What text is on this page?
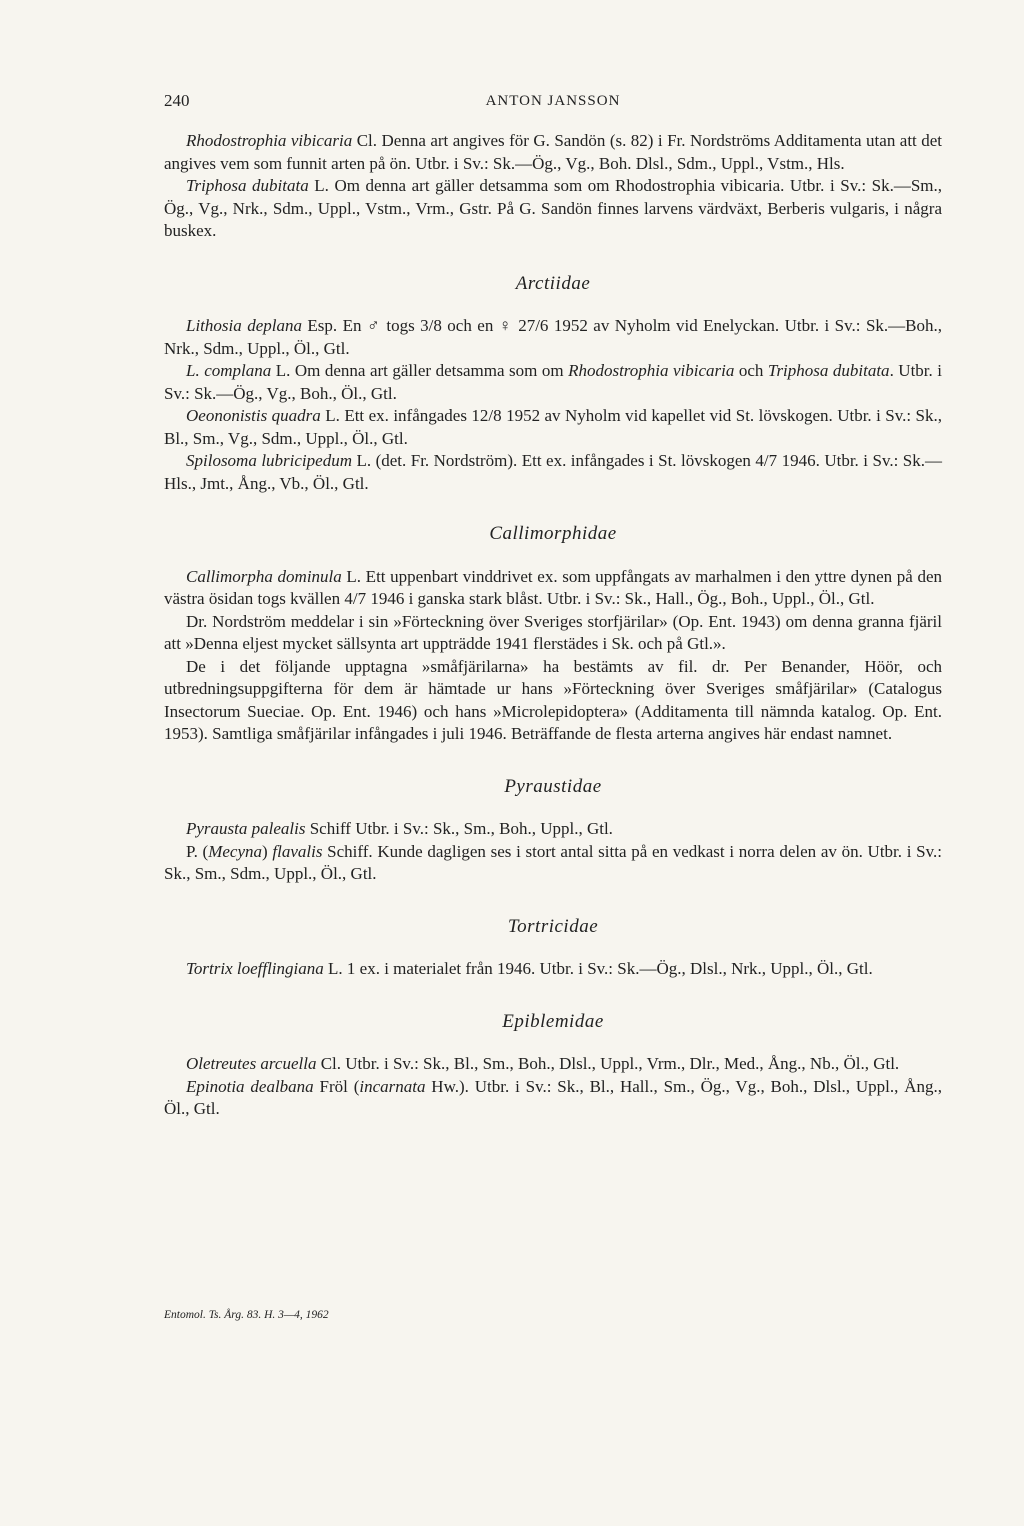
240	ANTON JANSSON

Rhodostrophia vibicaria Cl. Denna art angives för G. Sandön (s. 82) i Fr. Nordströms Additamenta utan att det angives vem som funnit arten på ön. Utbr. i Sv.: Sk.—Ög., Vg., Boh. Dlsl., Sdm., Uppl., Vstm., Hls.

Triphosa dubitata L. Om denna art gäller detsamma som om Rhodostrophia vibicaria. Utbr. i Sv.: Sk.—Sm., Ög., Vg., Nrk., Sdm., Uppl., Vstm., Vrm., Gstr. På G. Sandön finnes larvens värdväxt, Berberis vulgaris, i några buskex.

Arctiidae

Lithosia deplana Esp. En ♂ togs 3/8 och en ♀ 27/6 1952 av Nyholm vid Enelyckan. Utbr. i Sv.: Sk.—Boh., Nrk., Sdm., Uppl., Öl., Gtl.

L. complana L. Om denna art gäller detsamma som om Rhodostrophia vibicaria och Triphosa dubitata. Utbr. i Sv.: Sk.—Ög., Vg., Boh., Öl., Gtl.

Oeononistis quadra L. Ett ex. infångades 12/8 1952 av Nyholm vid kapellet vid St. lövskogen. Utbr. i Sv.: Sk., Bl., Sm., Vg., Sdm., Uppl., Öl., Gtl.

Spilosoma lubricipedum L. (det. Fr. Nordström). Ett ex. infångades i St. lövskogen 4/7 1946. Utbr. i Sv.: Sk.—Hls., Jmt., Ång., Vb., Öl., Gtl.

Callimorphidae

Callimorpha dominula L. Ett uppenbart vinddrivet ex. som uppfångats av marhalmen i den yttre dynen på den västra ösidan togs kvällen 4/7 1946 i ganska stark blåst. Utbr. i Sv.: Sk., Hall., Ög., Boh., Uppl., Öl., Gtl.

Dr. Nordström meddelar i sin »Förteckning över Sveriges storfjärilar» (Op. Ent. 1943) om denna granna fjäril att »Denna eljest mycket sällsynta art uppträdde 1941 flerstädes i Sk. och på Gtl.».

De i det följande upptagna »småfjärilarna» ha bestämts av fil. dr. Per Benander, Höör, och utbredningsuppgifterna för dem är hämtade ur hans »Förteckning över Sveriges småfjärilar» (Catalogus Insectorum Sueciae. Op. Ent. 1946) och hans »Microlepidoptera» (Additamenta till nämnda katalog. Op. Ent. 1953). Samtliga småfjärilar infångades i juli 1946. Beträffande de flesta arterna angives här endast namnet.

Pyraustidae

Pyrausta palealis Schiff Utbr. i Sv.: Sk., Sm., Boh., Uppl., Gtl.

P. (Mecyna) flavalis Schiff. Kunde dagligen ses i stort antal sitta på en vedkast i norra delen av ön. Utbr. i Sv.: Sk., Sm., Sdm., Uppl., Öl., Gtl.

Tortricidae

Tortrix loefflingiana L. 1 ex. i materialet från 1946. Utbr. i Sv.: Sk.—Ög., Dlsl., Nrk., Uppl., Öl., Gtl.

Epiblemidae

Oletreutes arcuella Cl. Utbr. i Sv.: Sk., Bl., Sm., Boh., Dlsl., Uppl., Vrm., Dlr., Med., Ång., Nb., Öl., Gtl.

Epinotia dealbana Fröl (incarnata Hw.). Utbr. i Sv.: Sk., Bl., Hall., Sm., Ög., Vg., Boh., Dlsl., Uppl., Ång., Öl., Gtl.

Entomol. Ts. Årg. 83. H. 3—4, 1962
